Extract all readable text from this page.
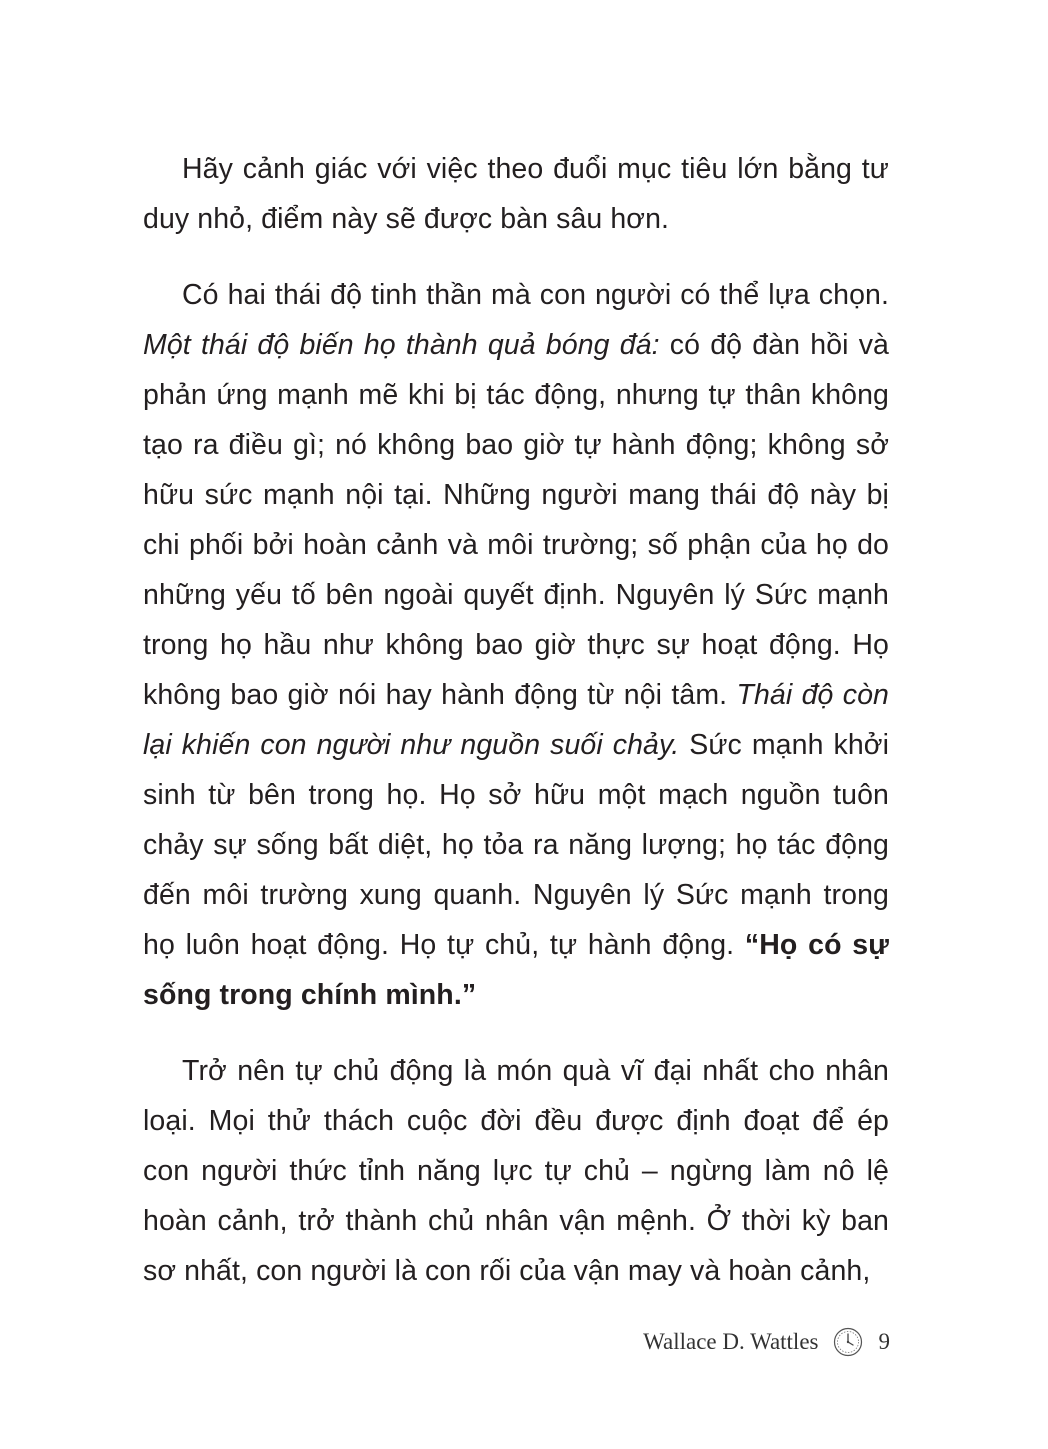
Hãy cảnh giác với việc theo đuổi mục tiêu lớn bằng tư duy nhỏ, điểm này sẽ được bàn sâu hơn.

Có hai thái độ tinh thần mà con người có thể lựa chọn. Một thái độ biến họ thành quả bóng đá: có độ đàn hồi và phản ứng mạnh mẽ khi bị tác động, nhưng tự thân không tạo ra điều gì; nó không bao giờ tự hành động; không sở hữu sức mạnh nội tại. Những người mang thái độ này bị chi phối bởi hoàn cảnh và môi trường; số phận của họ do những yếu tố bên ngoài quyết định. Nguyên lý Sức mạnh trong họ hầu như không bao giờ thực sự hoạt động. Họ không bao giờ nói hay hành động từ nội tâm. Thái độ còn lại khiến con người như nguồn suối chảy. Sức mạnh khởi sinh từ bên trong họ. Họ sở hữu một mạch nguồn tuôn chảy sự sống bất diệt, họ tỏa ra năng lượng; họ tác động đến môi trường xung quanh. Nguyên lý Sức mạnh trong họ luôn hoạt động. Họ tự chủ, tự hành động. “Họ có sự sống trong chính mình.”

Trở nên tự chủ động là món quà vĩ đại nhất cho nhân loại. Mọi thử thách cuộc đời đều được định đoạt để ép con người thức tỉnh năng lực tự chủ – ngừng làm nô lệ hoàn cảnh, trở thành chủ nhân vận mệnh. Ở thời kỳ ban sơ nhất, con người là con rối của vận may và hoàn cảnh,

Wallace D. Wattles	9
